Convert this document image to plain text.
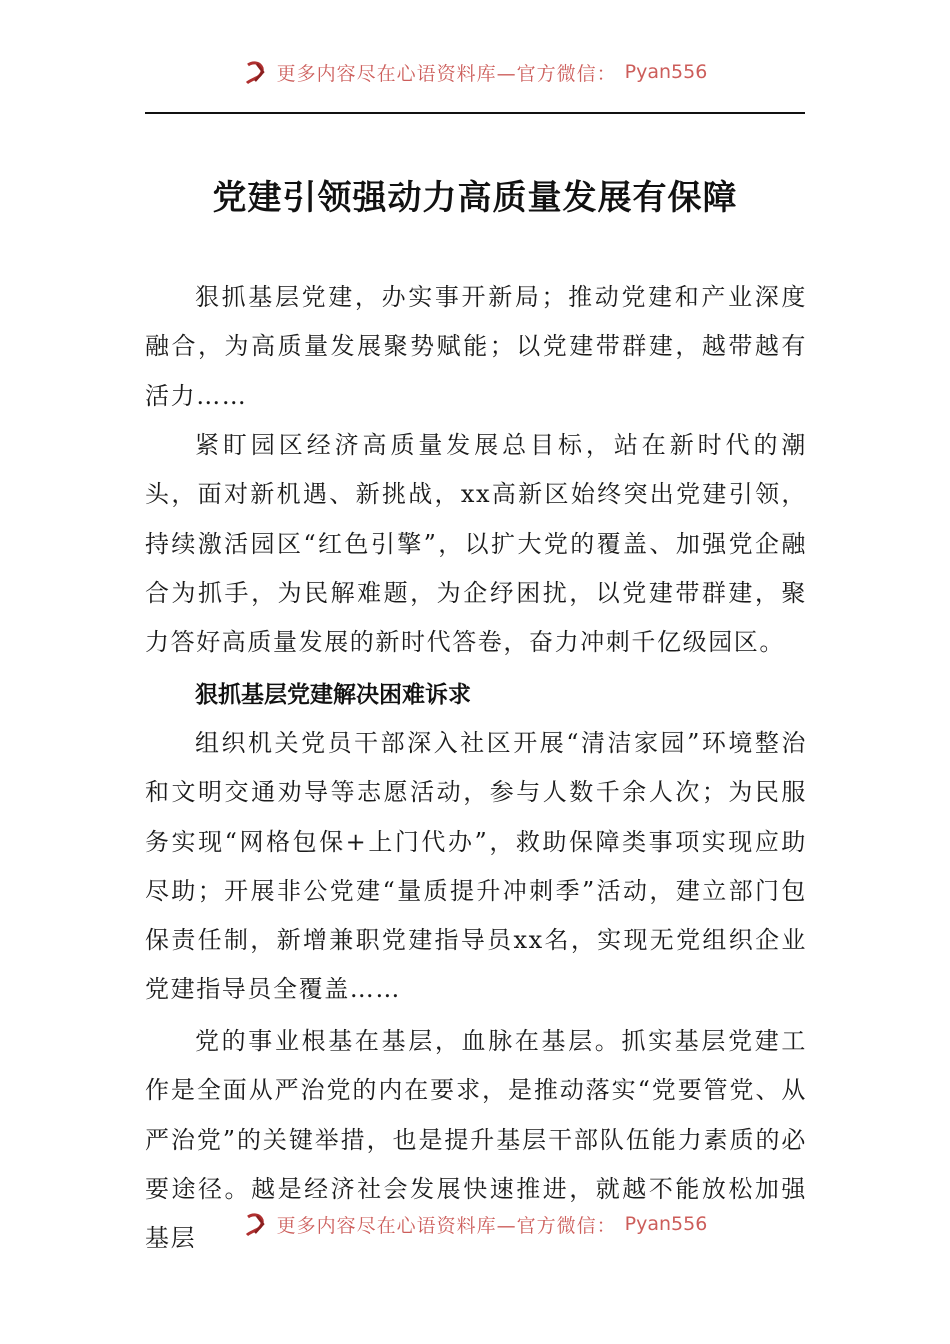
更多内容尽在心语资料库—官方微信： Pyan556
党建引领强动力高质量发展有保障

狠抓基层党建，办实事开新局；推动党建和产业深度融合，为高质量发展聚势赋能；以党建带群建，越带越有活力……

紧盯园区经济高质量发展总目标，站在新时代的潮头，面对新机遇、新挑战，xx高新区始终突出党建引领，持续激活园区“红色引擎”，以扩大党的覆盖、加强党企融合为抓手，为民解难题，为企纾困扰，以党建带群建，聚力答好高质量发展的新时代答卷，奋力冲刺千亿级园区。

狠抓基层党建解决困难诉求

组织机关党员干部深入社区开展“清洁家园”环境整治和文明交通劝导等志愿活动，参与人数千余人次；为民服务实现“网格包保+上门代办”，救助保障类事项实现应助尽助；开展非公党建“量质提升冲刺季”活动，建立部门包保责任制，新增兼职党建指导员xx名，实现无党组织企业党建指导员全覆盖……

党的事业根基在基层，血脉在基层。抓实基层党建工作是全面从严治党的内在要求，是推动落实“党要管党、从严治党”的关键举措，也是提升基层干部队伍能力素质的必要途径。越是经济社会发展快速推进，就越不能放松加强基层	更多内容尽在心语资料库—官方微信： Pyan556
